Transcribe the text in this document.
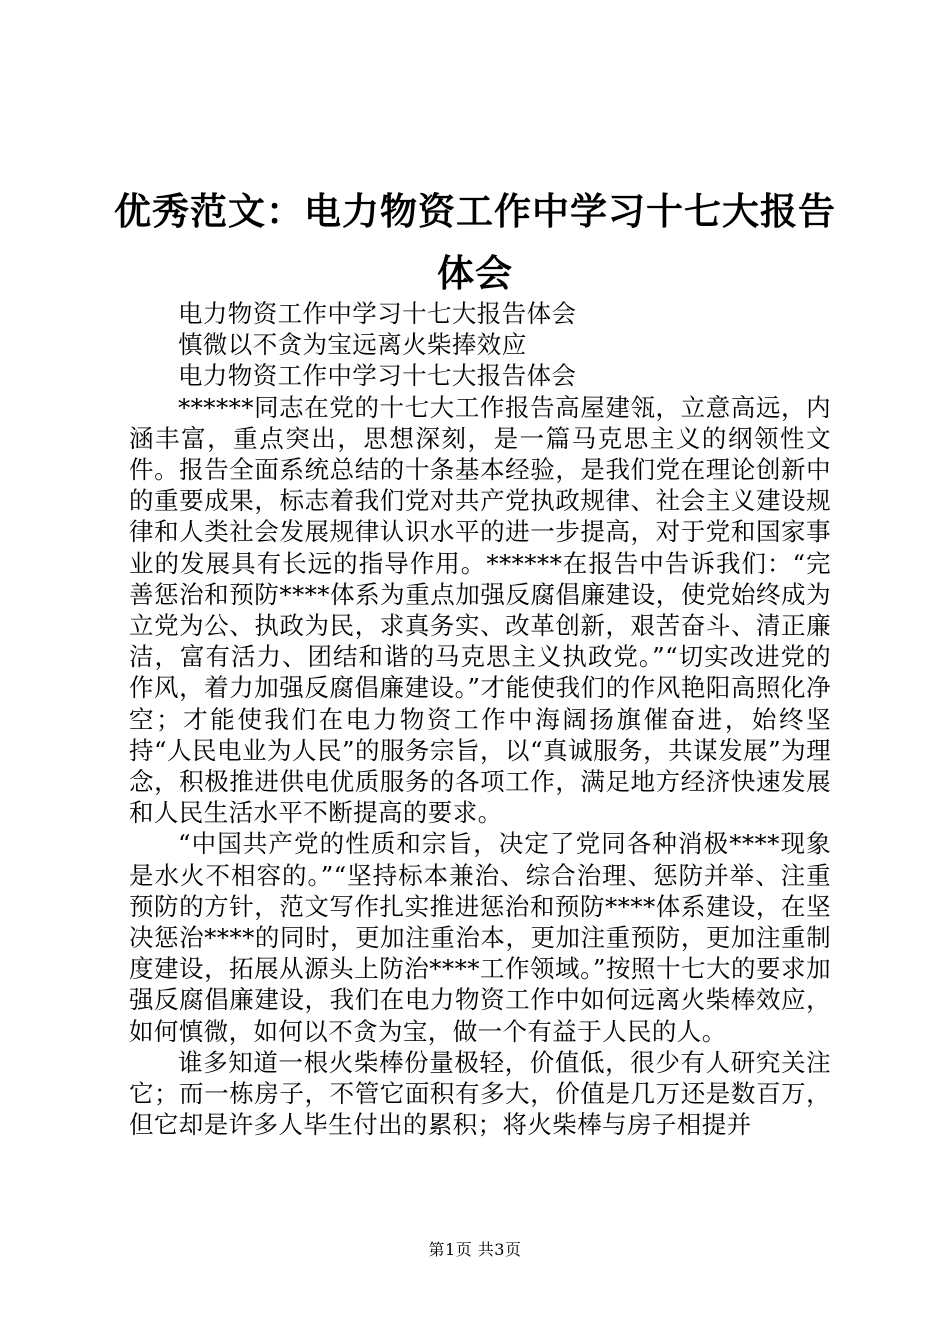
优秀范文：电力物资工作中学习十七大报告体会

电力物资工作中学习十七大报告体会

慎微以不贪为宝远离火柴捧效应

电力物资工作中学习十七大报告体会

******同志在党的十七大工作报告高屋建瓴，立意高远，内涵丰富，重点突出，思想深刻，是一篇马克思主义的纲领性文件。报告全面系统总结的十条基本经验，是我们党在理论创新中的重要成果，标志着我们党对共产党执政规律、社会主义建设规律和人类社会发展规律认识水平的进一步提高，对于党和国家事业的发展具有长远的指导作用。******在报告中告诉我们：“完善惩治和预防****体系为重点加强反腐倡廉建设，使党始终成为立党为公、执政为民，求真务实、改革创新，艰苦奋斗、清正廉洁，富有活力、团结和谐的马克思主义执政党。”“切实改进党的作风，着力加强反腐倡廉建设。”才能使我们的作风艳阳高照化净空；才能使我们在电力物资工作中海阔扬旗催奋进，始终坚持“人民电业为人民”的服务宗旨，以“真诚服务，共谋发展”为理念，积极推进供电优质服务的各项工作，满足地方经济快速发展和人民生活水平不断提高的要求。

“中国共产党的性质和宗旨，决定了党同各种消极****现象是水火不相容的。”“坚持标本兼治、综合治理、惩防并举、注重预防的方针，范文写作扎实推进惩治和预防****体系建设，在坚决惩治****的同时，更加注重治本，更加注重预防，更加注重制度建设，拓展从源头上防治****工作领域。”按照十七大的要求加强反腐倡廉建设，我们在电力物资工作中如何远离火柴棒效应，如何慎微，如何以不贪为宝，做一个有益于人民的人。

谁多知道一根火柴棒份量极轻，价值低，很少有人研究关注它；而一栋房子，不管它面积有多大，价值是几万还是数百万，但它却是许多人毕生付出的累积；将火柴棒与房子相提并

第1页 共3页
